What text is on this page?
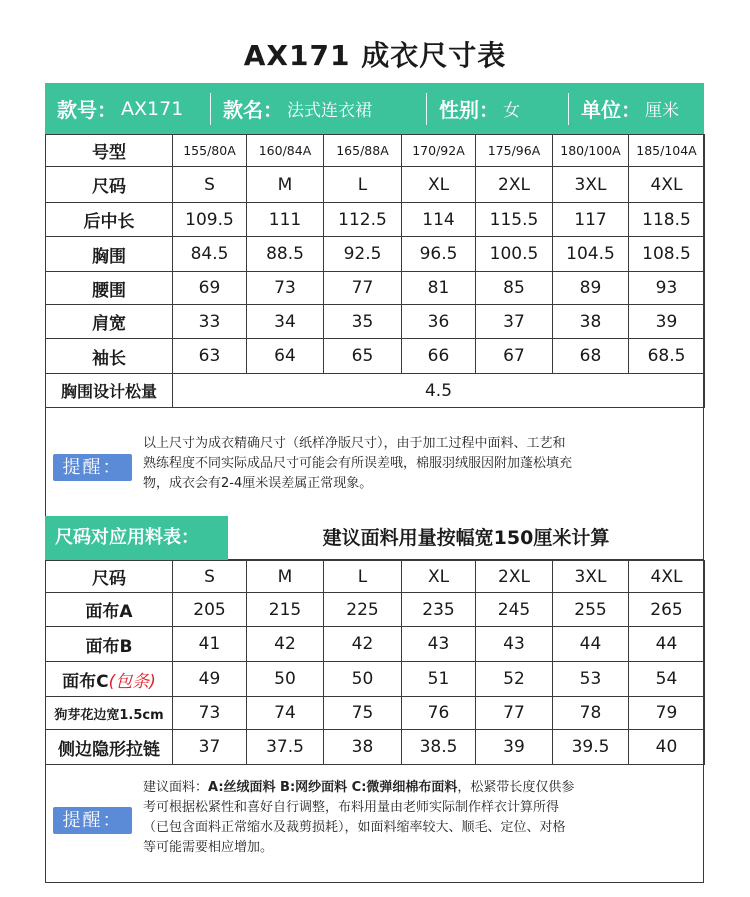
AX171 成衣尺寸表
款号： AX171 款名： 法式连衣裙	性别： 女	单位： 厘米
号型	155/80A	160/84A	165/88A	170/92A	175/96A	180/100A	185/104A
尺码	S	M	L	XL	2XL	3XL	4XL
后中长	109.5	111	112.5	114	115.5	117	118.5
胸围	84.5	88.5	92.5	96.5	100.5	104.5	108.5
腰围	69	73	77	81	85	89	93
肩宽	33	34	35	36	37	38	39
袖长	63	64	65	66	67	68	68.5
胸围设计松量	4.5						
提醒：
以上尺寸为成衣精确尺寸（纸样净版尺寸），由于加工过程中面料、工艺和
熟练程度不同实际成品尺寸可能会有所误差哦，棉服羽绒服因附加蓬松填充
物，成衣会有2-4厘米误差属正常现象。
尺码对应用料表：	建议面料用量按幅宽150厘米计算
尺码	S	M	L	XL	2XL	3XL	4XL
面布A	205	215	225	235	245	255	265
面布B	41	42	42	43	43	44	44
面布C(包条)	49	50	50	51	52	53	54
狗芽花边宽1.5cm	73	74	75	76	77	78	79
侧边隐形拉链	37	37.5	38	38.5	39	39.5	40
提醒：
建议面料：A:丝绒面料 B:网纱面料 C:微弹细棉布面料，松紧带长度仅供参
考可根据松紧性和喜好自行调整，布料用量由老师实际制作样衣计算所得
（已包含面料正常缩水及裁剪损耗），如面料缩率较大、顺毛、定位、对格
等可能需要相应增加。
